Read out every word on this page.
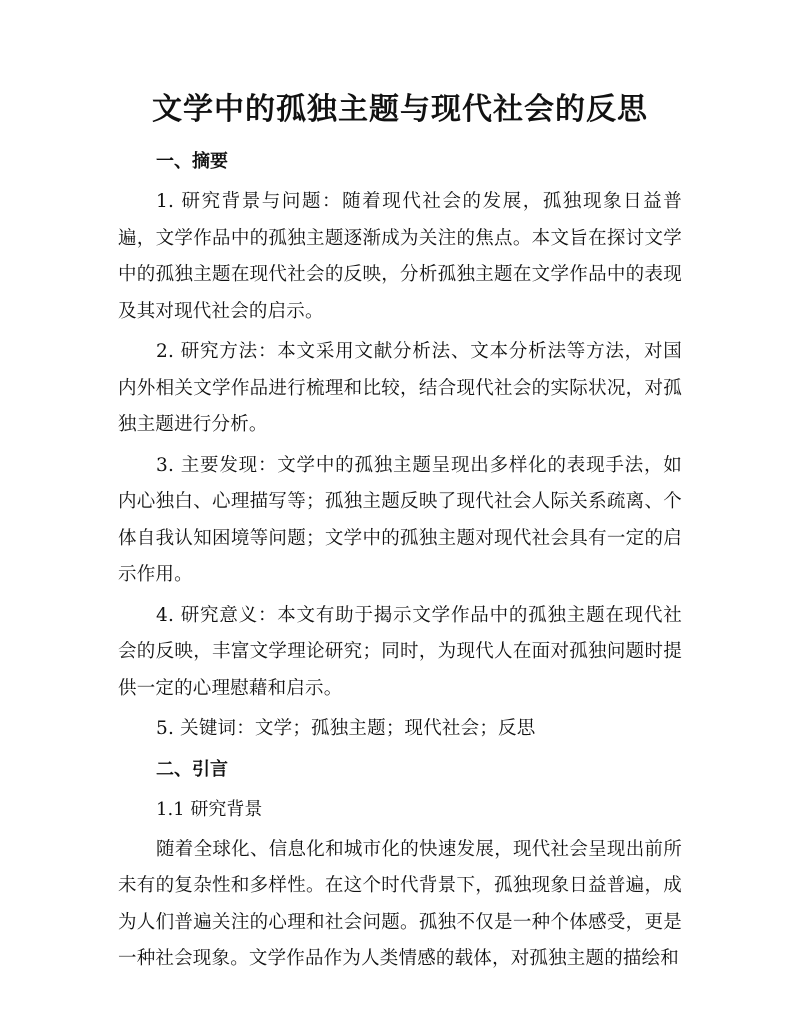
文学中的孤独主题与现代社会的反思
一、摘要

1. 研究背景与问题：随着现代社会的发展，孤独现象日益普遍，文学作品中的孤独主题逐渐成为关注的焦点。本文旨在探讨文学中的孤独主题在现代社会的反映，分析孤独主题在文学作品中的表现及其对现代社会的启示。

2. 研究方法：本文采用文献分析法、文本分析法等方法，对国内外相关文学作品进行梳理和比较，结合现代社会的实际状况，对孤独主题进行分析。

3. 主要发现：文学中的孤独主题呈现出多样化的表现手法，如内心独白、心理描写等；孤独主题反映了现代社会人际关系疏离、个体自我认知困境等问题；文学中的孤独主题对现代社会具有一定的启示作用。

4. 研究意义：本文有助于揭示文学作品中的孤独主题在现代社会的反映，丰富文学理论研究；同时，为现代人在面对孤独问题时提供一定的心理慰藉和启示。

5. 关键词：文学；孤独主题；现代社会；反思

二、引言
1.1 研究背景

随着全球化、信息化和城市化的快速发展，现代社会呈现出前所未有的复杂性和多样性。在这个时代背景下，孤独现象日益普遍，成为人们普遍关注的心理和社会问题。孤独不仅是一种个体感受，更是一种社会现象。文学作品作为人类情感的载体，对孤独主题的描绘和
